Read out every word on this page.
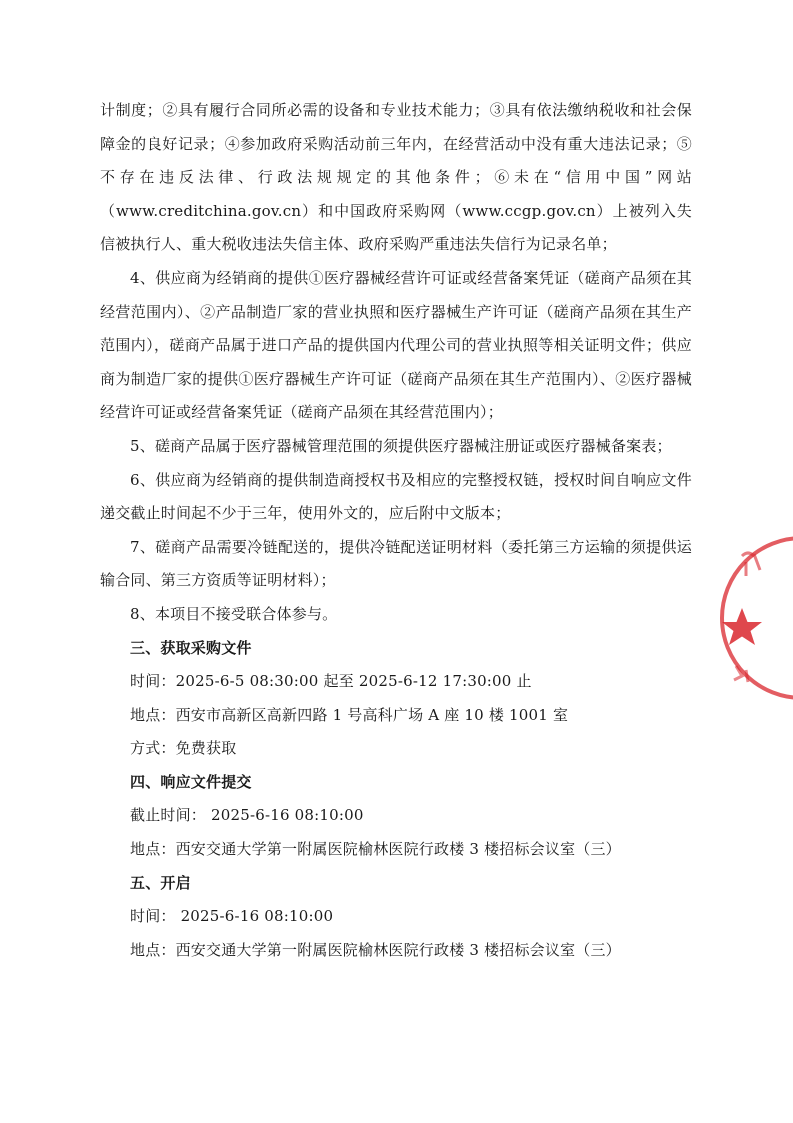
计制度；②具有履行合同所必需的设备和专业技术能力；③具有依法缴纳税收和社会保障金的良好记录；④参加政府采购活动前三年内，在经营活动中没有重大违法记录；⑤不存在违反法律、行政法规规定的其他条件；⑥未在“信用中国”网站（www.creditchina.gov.cn）和中国政府采购网（www.ccgp.gov.cn）上被列入失信被执行人、重大税收违法失信主体、政府采购严重违法失信行为记录名单；

4、供应商为经销商的提供①医疗器械经营许可证或经营备案凭证（磋商产品须在其经营范围内）、②产品制造厂家的营业执照和医疗器械生产许可证（磋商产品须在其生产范围内），磋商产品属于进口产品的提供国内代理公司的营业执照等相关证明文件；供应商为制造厂家的提供①医疗器械生产许可证（磋商产品须在其生产范围内）、②医疗器械经营许可证或经营备案凭证（磋商产品须在其经营范围内）；

5、磋商产品属于医疗器械管理范围的须提供医疗器械注册证或医疗器械备案表；

6、供应商为经销商的提供制造商授权书及相应的完整授权链，授权时间自响应文件递交截止时间起不少于三年，使用外文的，应后附中文版本；

7、磋商产品需要冷链配送的，提供冷链配送证明材料（委托第三方运输的须提供运输合同、第三方资质等证明材料）；

8、本项目不接受联合体参与。

三、获取采购文件

时间：2025-6-5 08:30:00 起至 2025-6-12 17:30:00 止

地点：西安市高新区高新四路 1 号高科广场 A 座 10 楼 1001 室

方式：免费获取

四、响应文件提交

截止时间： 2025-6-16 08:10:00

地点：西安交通大学第一附属医院榆林医院行政楼 3 楼招标会议室（三）

五、开启

时间： 2025-6-16 08:10:00

地点：西安交通大学第一附属医院榆林医院行政楼 3 楼招标会议室（三）
